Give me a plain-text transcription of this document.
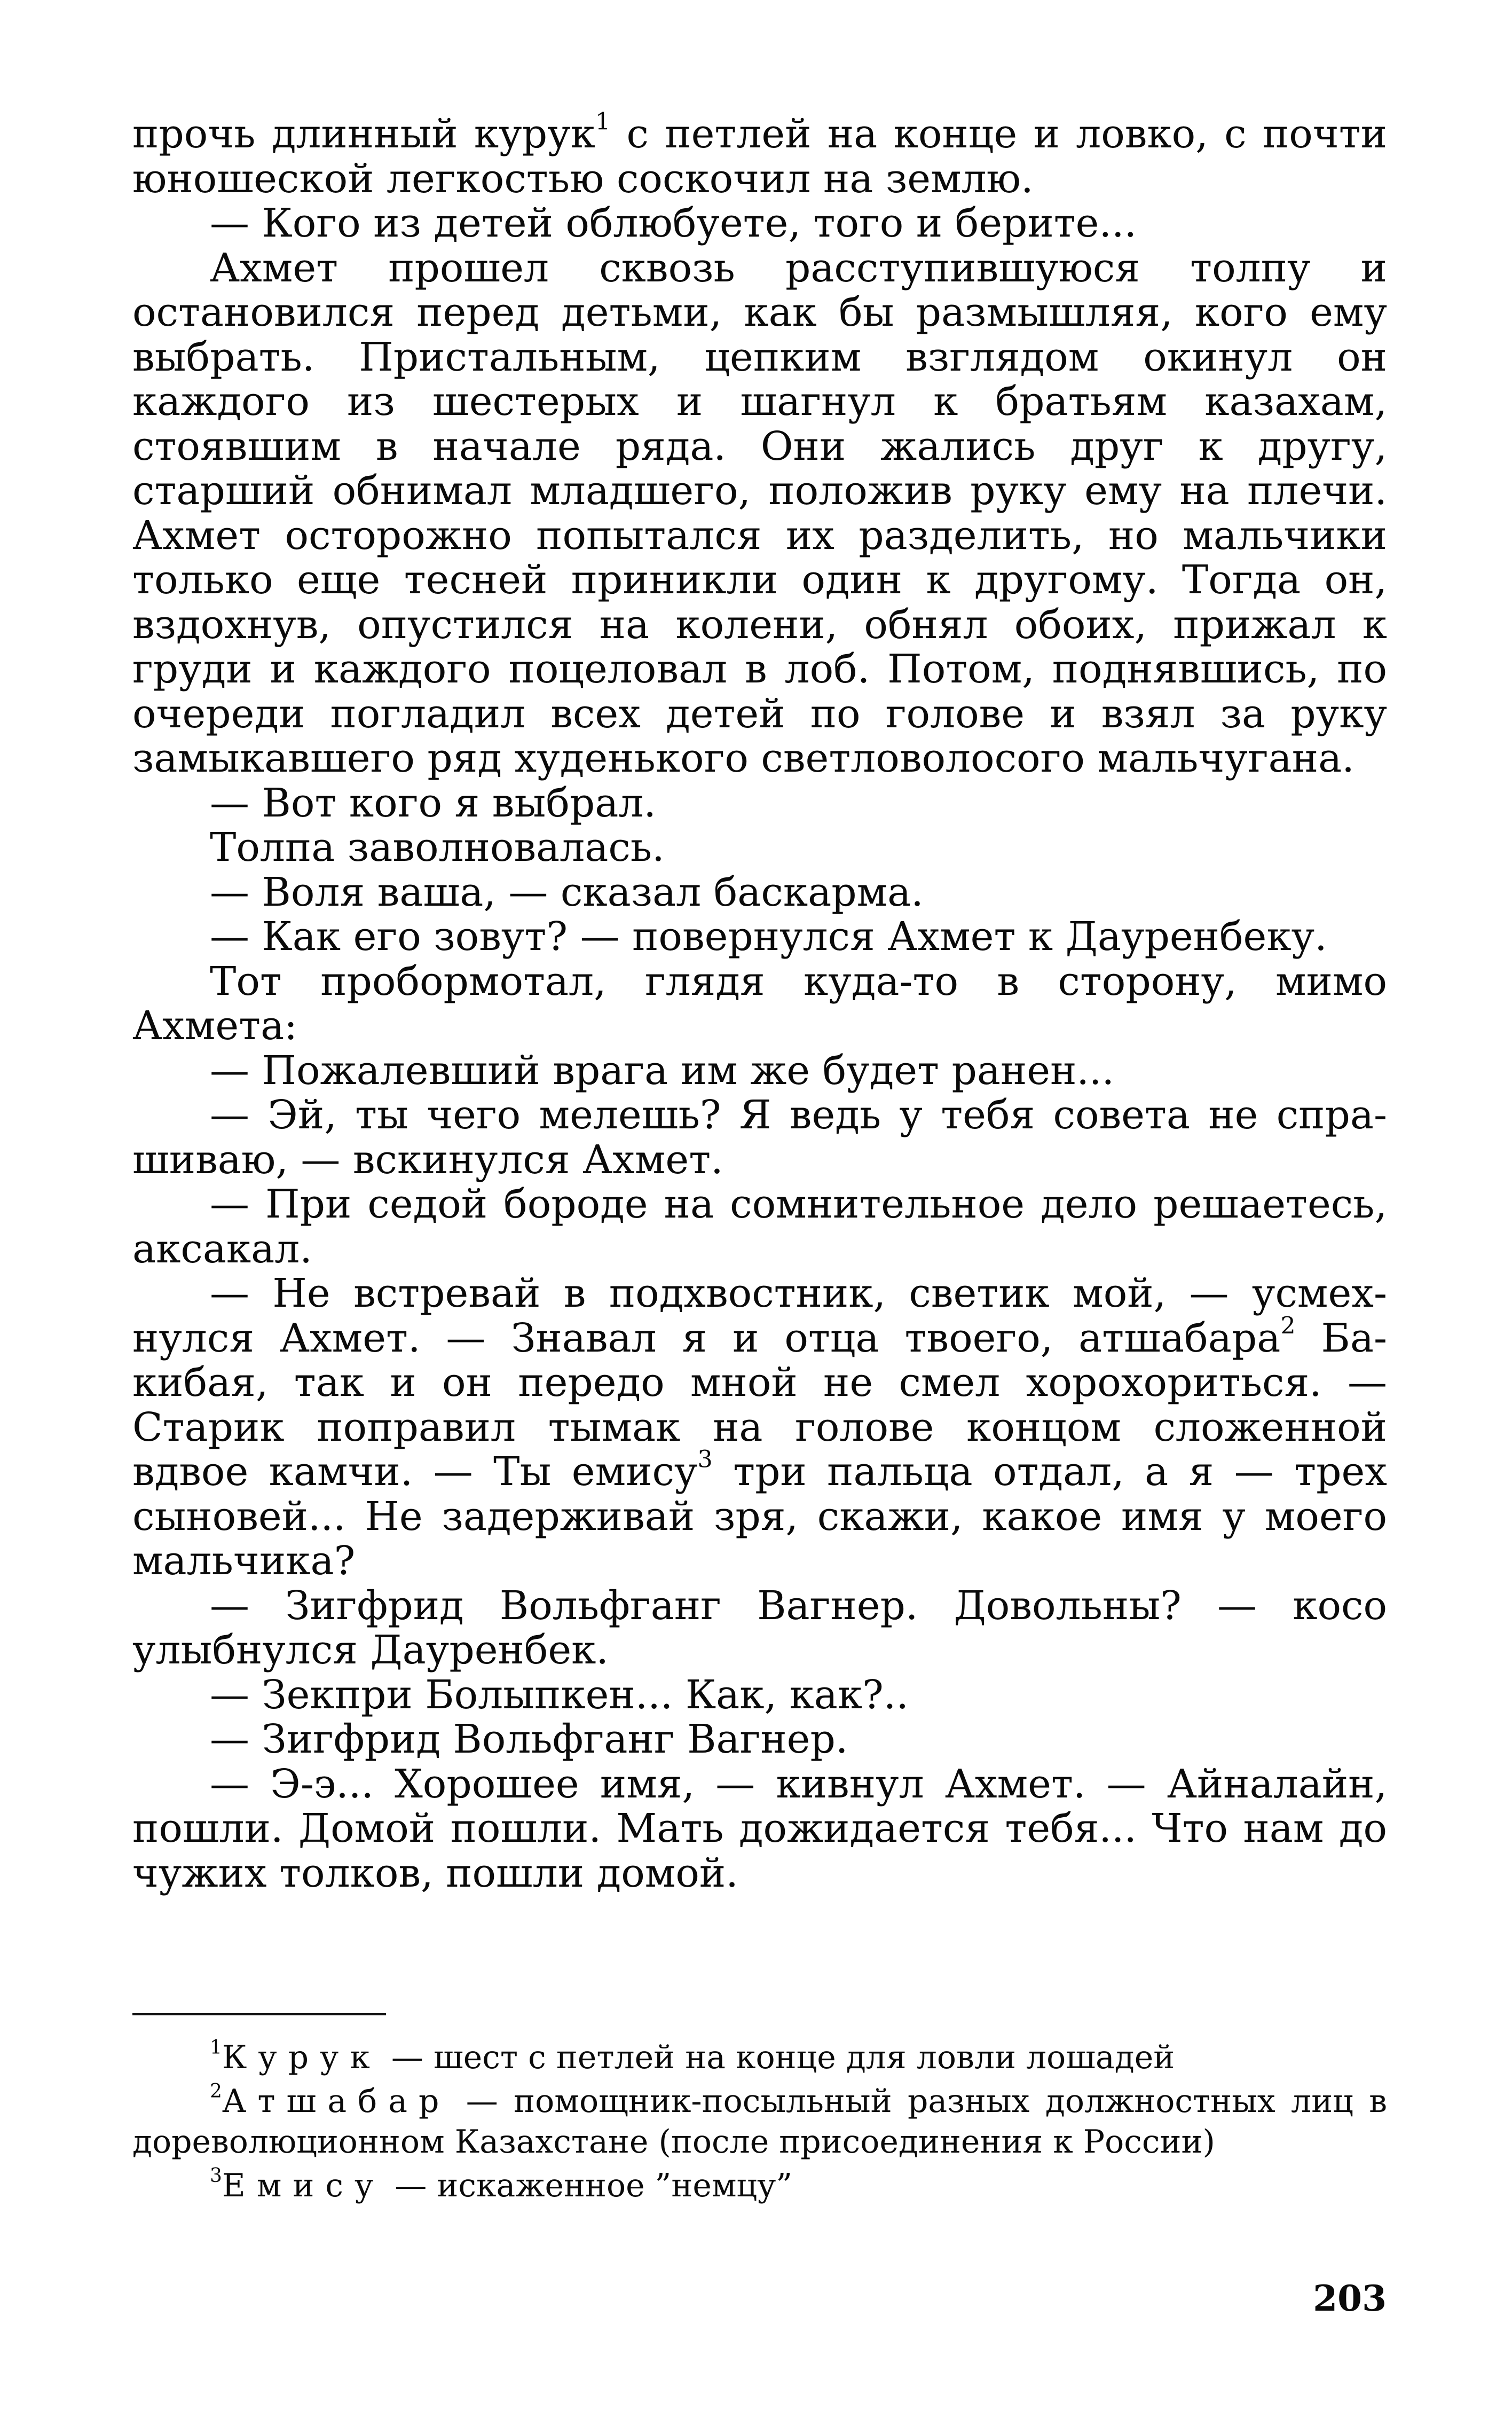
прочь длинный курук$^1$ с петлей на конце и ловко, с почти юношеской легкостью соскочил на землю.

— Кого из детей облюбуете, того и берите...

Ахмет прошел сквозь расступившуюся толпу и остановился перед детьми, как бы размышляя, кого ему выбрать. Пристальным, цепким взглядом окинул он каждого из шестерых и шагнул к братьям казахам, стоявшим в начале ряда. Они жались друг к другу, старший обнимал младшего, положив руку ему на плечи. Ахмет осторожно попытался их разделить, но мальчики только еще тесней приникли один к другому. Тогда он, вздохнув, опустился на колени, обнял обоих, прижал к груди и каждого поцеловал в лоб. Потом, поднявшись, по очереди погладил всех детей по голове и взял за руку замыкавшего ряд худенького светловолосого мальчугана.

— Вот кого я выбрал.

Толпа заволновалась.

— Воля ваша, — сказал баскарма.

— Как его зовут? — повернулся Ахмет к Дауренбеку.

Тот пробормотал, глядя куда-то в сторону, мимо Ахмета:

— Пожалевший врага им же будет ранен...

— Эй, ты чего мелешь? Я ведь у тебя совета не спрашиваю, — вскинулся Ахмет.

— При седой бороде на сомнительное дело решаетесь, аксакал.

— Не встревай в подхвостник, светик мой, — усмехнулся Ахмет. — Знавал я и отца твоего, атшабара$^2$ Бакибая, так и он передо мной не смел хорохориться. — Старик поправил тымак на голове концом сложенной вдвое камчи. — Ты емису$^3$ три пальца отдал, а я — трех сыновей... Не задерживай зря, скажи, какое имя у моего мальчика?

— Зигфрид Вольфганг Вагнер. Довольны? — косо улыбнулся Дауренбек.

— Зекпри Болыпкен... Как, как?..

— Зигфрид Вольфганг Вагнер.

— Э-э... Хорошее имя, — кивнул Ахмет. — Айналайн, пошли. Домой пошли. Мать дожидается тебя... Что нам до чужих толков, пошли домой.

$^1$Курук — шест с петлей на конце для ловли лошадей

$^2$Атшабар — помощник-посыльный разных должностных лиц в дореволюционном Казахстане (после присоединения к России)

$^3$Емису — искаженное ”немцу”

203
